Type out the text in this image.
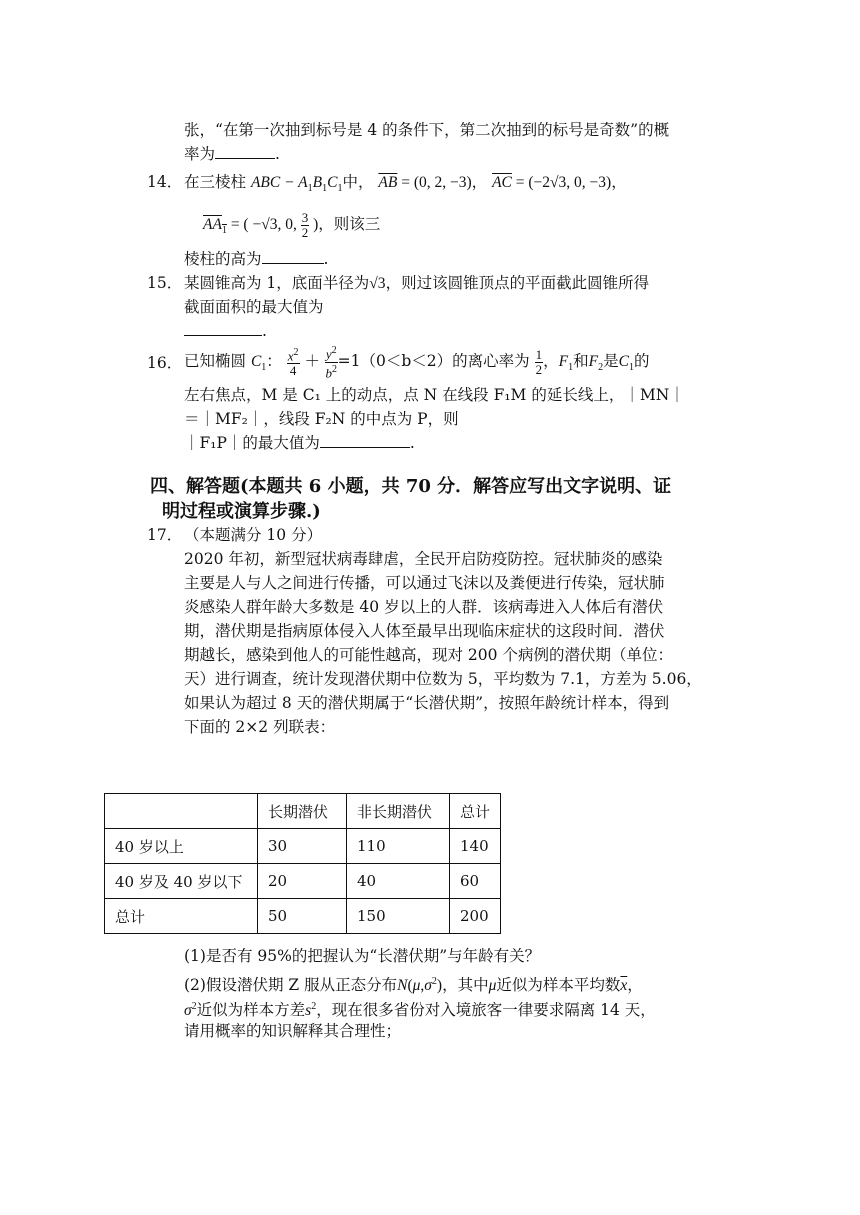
张，“在第一次抽到标号是 4 的条件下，第二次抽到的标号是奇数”的概
率为	.
14． 在三棱柱 ABC − $A_1B_1C_1$中， $\overline{AB} = (0$, 2, −3)， $\overline{AC} = (-2√3$, 0, −3)，
$AA_1$ = ( −√3, 0, $\frac{3}{2}$ )，则该三
棱柱的高为	.
15． 某圆锥高为 1，底面半径为√3，则过该圆锥顶点的平面截此圆锥所得
截面面积的最大值为
.
16． 已知椭圆 $C_1$： $\frac{x^2}{4} + \frac{y^2}{b^2} =1(0<b<2)$的离心率为 $\frac{1}{2}$ ，$F_1$和$F_2$是$C_1$的
左右焦点，M 是 C₁ 上的动点，点 N 在线段 F₁M 的延长线上，｜MN｜
＝｜MF₂｜，线段 F₂N 的中点为 P，则
｜F₁P｜的最大值为	.
四、解答题(本题共 6 小题，共 70 分．解答应写出文字说明、证
明过程或演算步骤.)
17． （本题满分 10 分）
2020 年初，新型冠状病毒肆虐，全民开启防疫防控。冠状肺炎的感染
主要是人与人之间进行传播，可以通过飞沫以及粪便进行传染，冠状肺
炎感染人群年龄大多数是 40 岁以上的人群．该病毒进入人体后有潜伏
期，潜伏期是指病原体侵入人体至最早出现临床症状的这段时间．潜伏
期越长，感染到他人的可能性越高，现对 200 个病例的潜伏期（单位：
天）进行调查，统计发现潜伏期中位数为 5，平均数为 7.1，方差为 5.06，
如果认为超过 8 天的潜伏期属于“长潜伏期”，按照年龄统计样本，得到
下面的 2×2 列联表：
	长期潜伏	非长期潜伏	总计
40 岁以上	30	110	140
40 岁及 40 岁以下	20	40	60
总计	50	150	200
(1)是否有 95%的把握认为“长潜伏期”与年龄有关？
(2)假设潜伏期 Z 服从正态分布$N(\mu,\sigma^2)$，其中μ近似为样本平均数$\overline{x}$，
$\sigma^2$近似为样本方差$s^2$，现在很多省份对入境旅客一律要求隔离 14 天，
请用概率的知识解释其合理性；
